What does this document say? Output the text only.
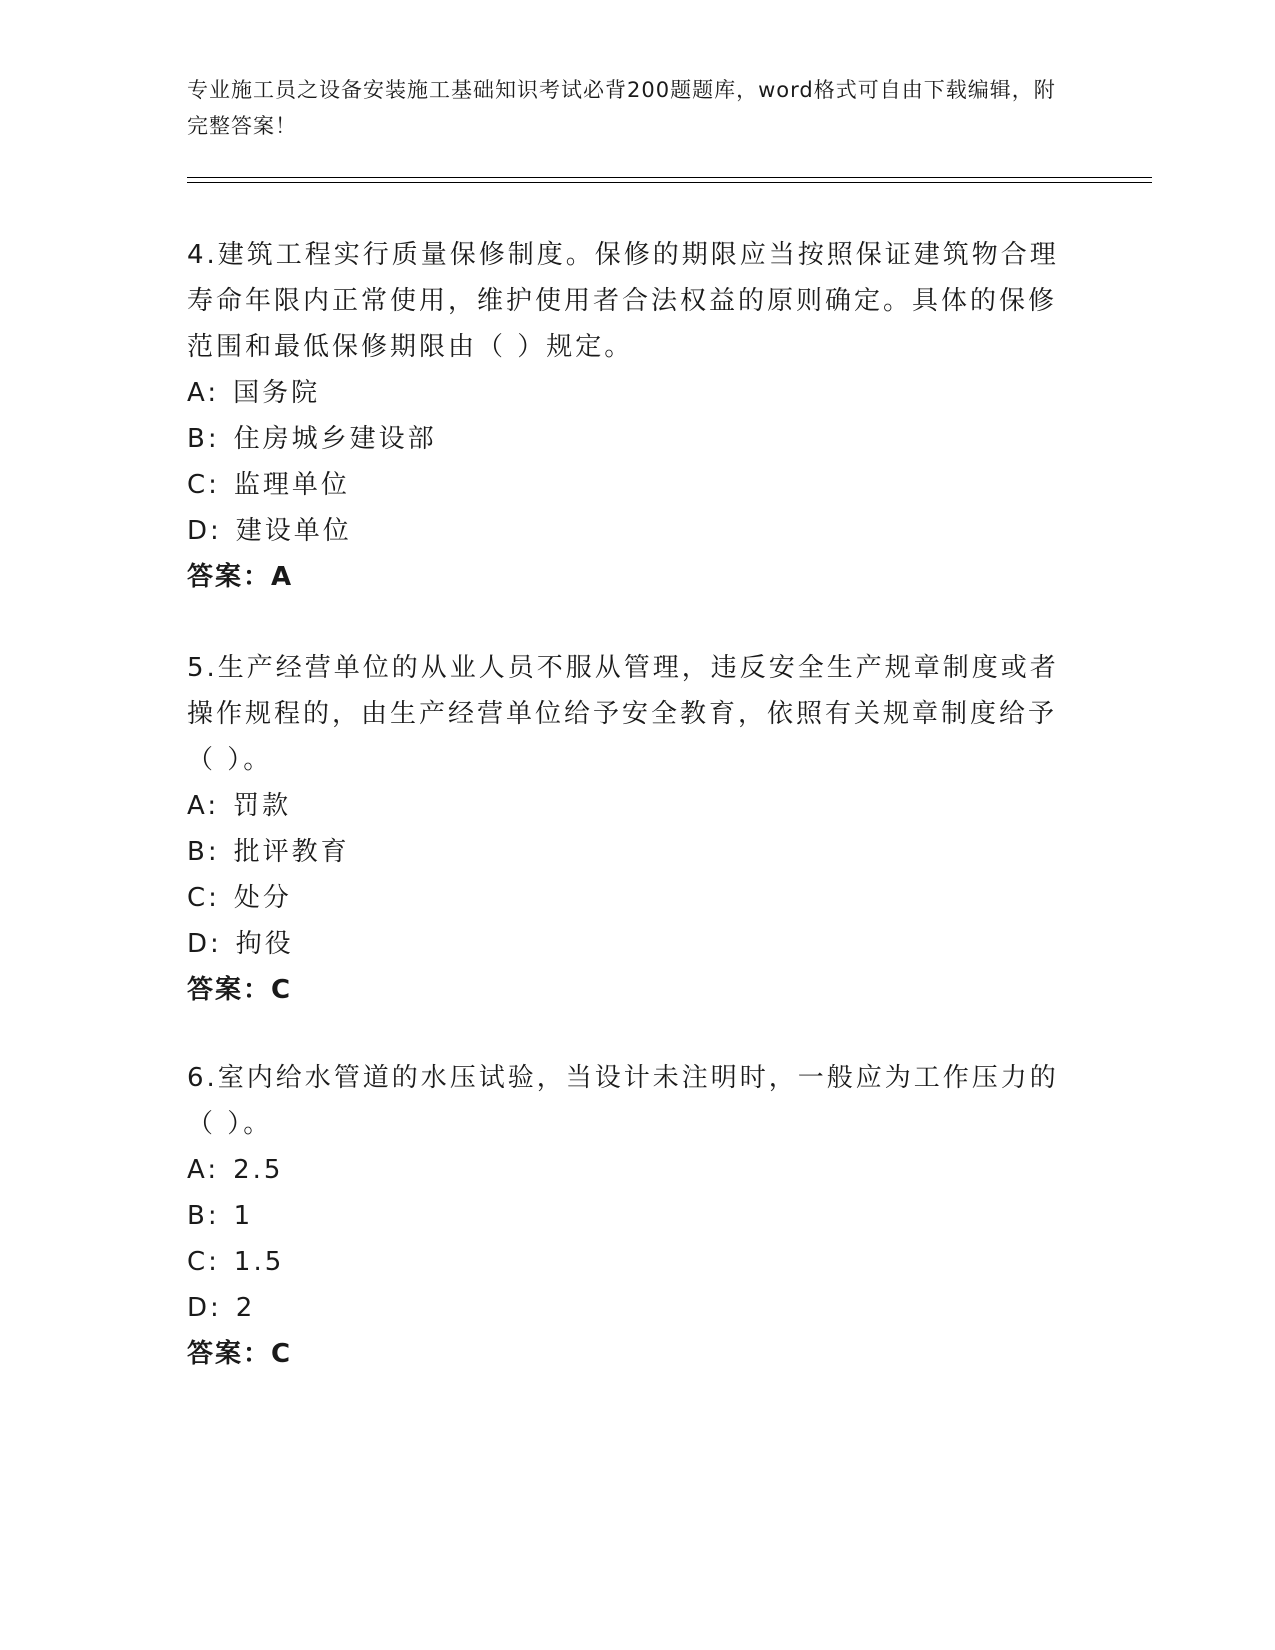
专业施工员之设备安装施工基础知识考试必背200题题库，word格式可自由下载编辑，附完整答案！

4.建筑工程实行质量保修制度。保修的期限应当按照保证建筑物合理寿命年限内正常使用，维护使用者合法权益的原则确定。具体的保修范围和最低保修期限由（ ）规定。

A: 国务院
B: 住房城乡建设部
C: 监理单位
D: 建设单位
答案：A

5.生产经营单位的从业人员不服从管理，违反安全生产规章制度或者操作规程的，由生产经营单位给予安全教育，依照有关规章制度给予（ ）。

A: 罚款
B: 批评教育
C: 处分
D: 拘役
答案：C

6.室内给水管道的水压试验，当设计未注明时，一般应为工作压力的（ ）。

A: 2.5
B: 1
C: 1.5
D: 2
答案：C
